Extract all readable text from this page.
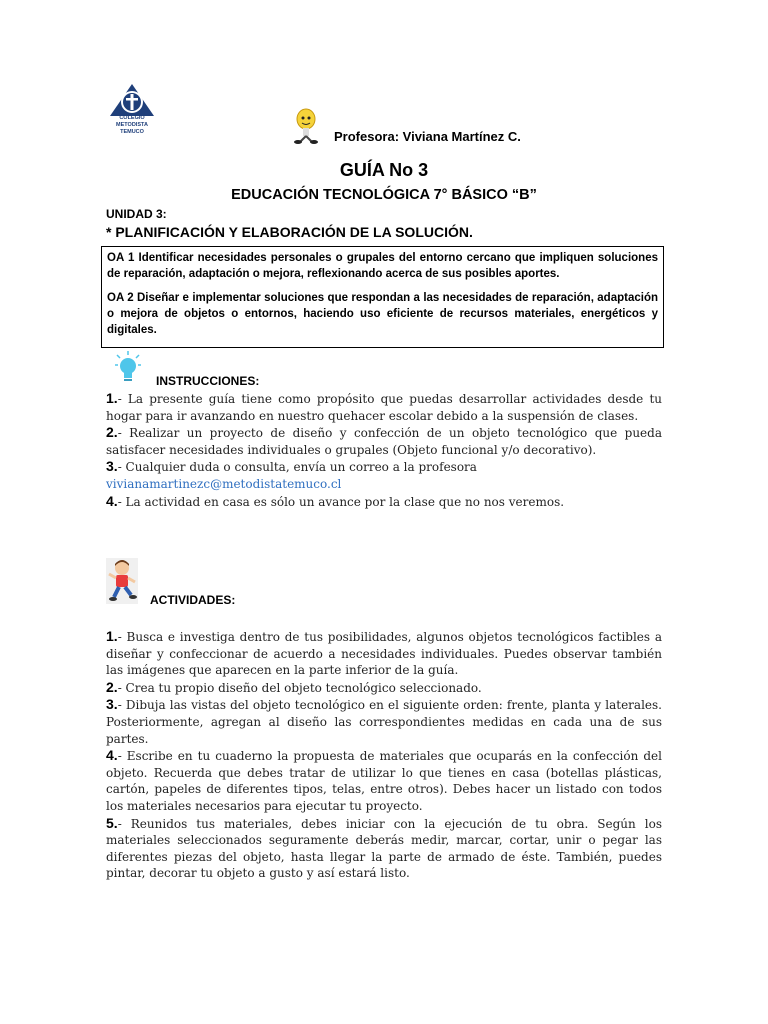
COLEGIO METODISTA TEMUCO	Profesora: Viviana Martínez C.
GUÍA No 3
EDUCACIÓN TECNOLÓGICA 7° BÁSICO “B”
UNIDAD 3:
* PLANIFICACIÓN Y ELABORACIÓN DE LA SOLUCIÓN.

OA 1 Identificar necesidades personales o grupales del entorno cercano que impliquen soluciones de reparación, adaptación o mejora, reflexionando acerca de sus posibles aportes.

OA 2 Diseñar e implementar soluciones que respondan a las necesidades de reparación, adaptación o mejora de objetos o entornos, haciendo uso eficiente de recursos materiales, energéticos y digitales.

INSTRUCCIONES:

1.- La presente guía tiene como propósito que puedas desarrollar actividades desde tu hogar para ir avanzando en nuestro quehacer escolar debido a la suspensión de clases.

2.- Realizar un proyecto de diseño y confección de un objeto tecnológico que pueda satisfacer necesidades individuales o grupales (Objeto funcional y/o decorativo).

3.- Cualquier duda o consulta, envía un correo a la profesora
vivianamartinezc@metodistatemuco.cl

4.- La actividad en casa es sólo un avance por la clase que no nos veremos.

ACTIVIDADES:

1.- Busca e investiga dentro de tus posibilidades, algunos objetos tecnológicos factibles a diseñar y confeccionar de acuerdo a necesidades individuales. Puedes observar también las imágenes que aparecen en la parte inferior de la guía.

2.- Crea tu propio diseño del objeto tecnológico seleccionado.

3.- Dibuja las vistas del objeto tecnológico en el siguiente orden: frente, planta y laterales. Posteriormente, agregan al diseño las correspondientes medidas en cada una de sus partes.

4.- Escribe en tu cuaderno la propuesta de materiales que ocuparás en la confección del objeto. Recuerda que debes tratar de utilizar lo que tienes en casa (botellas plásticas, cartón, papeles de diferentes tipos, telas, entre otros). Debes hacer un listado con todos los materiales necesarios para ejecutar tu proyecto.

5.- Reunidos tus materiales, debes iniciar con la ejecución de tu obra. Según los materiales seleccionados seguramente deberás medir, marcar, cortar, unir o pegar las diferentes piezas del objeto, hasta llegar la parte de armado de éste. También, puedes pintar, decorar tu objeto a gusto y así estará listo.
